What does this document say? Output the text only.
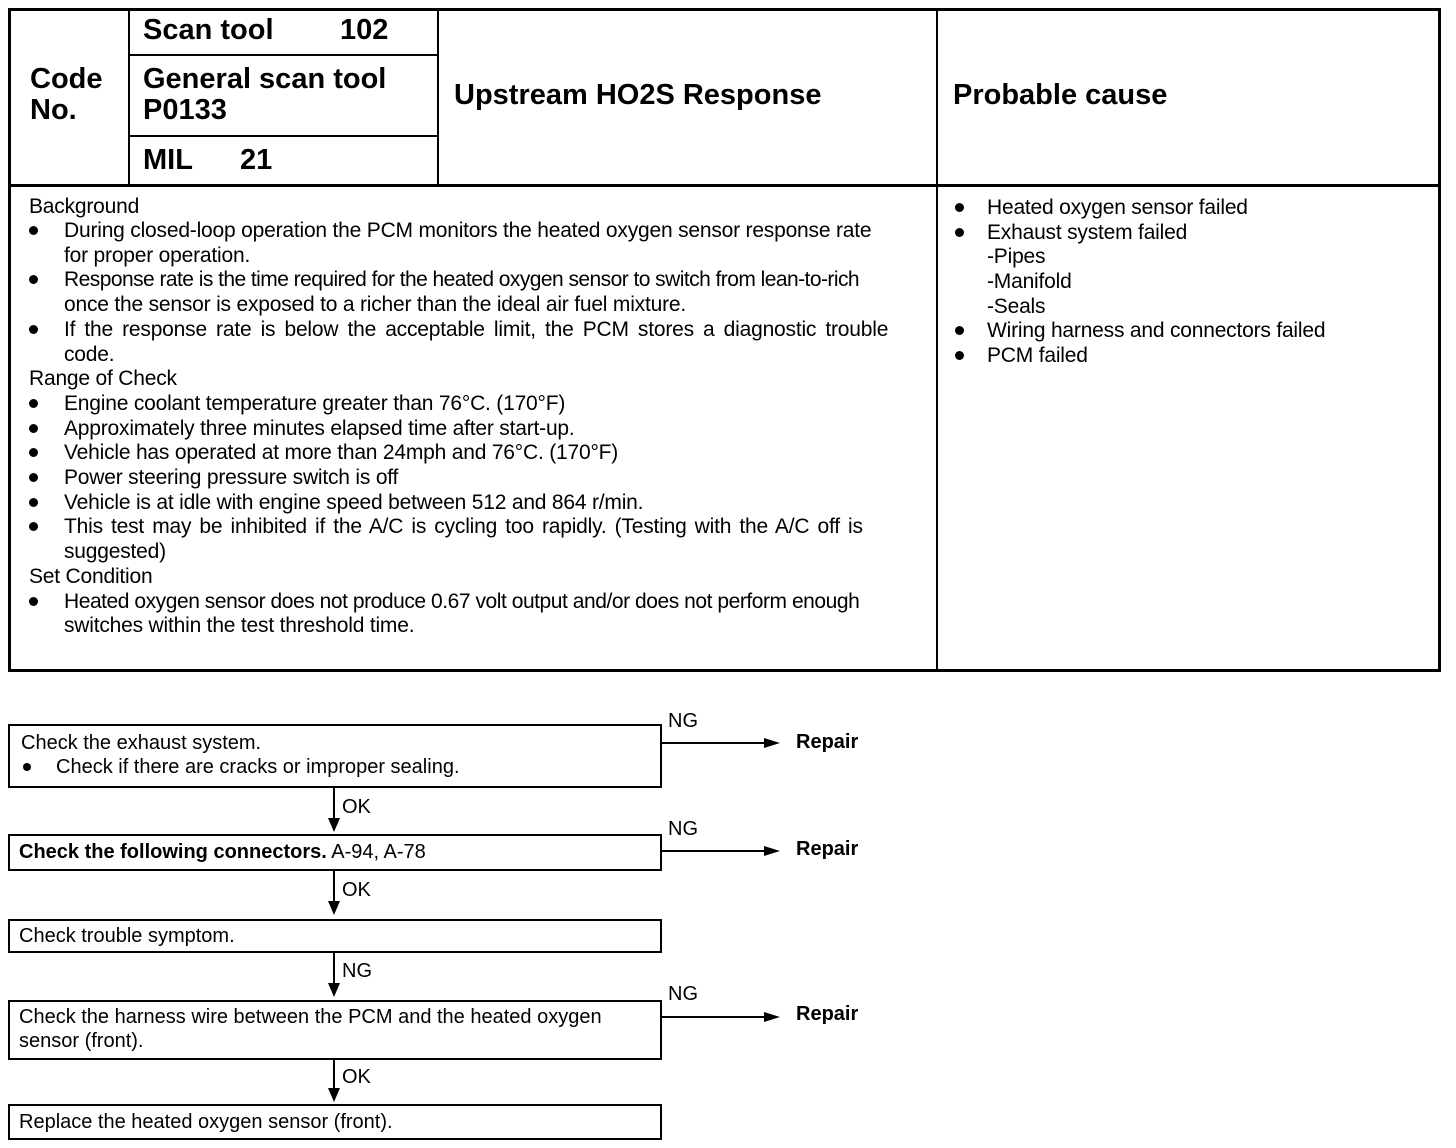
Code
No.
Scan tool 102
General scan tool
P0133
MIL 21
Upstream HO2S Response	Probable cause
Background
During closed-loop operation the PCM monitors the heated oxygen sensor response rate
for proper operation.
Response rate is the time required for the heated oxygen sensor to switch from lean-to-rich
once the sensor is exposed to a richer than the ideal air fuel mixture.
If the response rate is below the acceptable limit, the PCM stores a diagnostic trouble
code.
Range of Check
Engine coolant temperature greater than 76°C. (170°F)
Approximately three minutes elapsed time after start-up.
Vehicle has operated at more than 24mph and 76°C. (170°F)
Power steering pressure switch is off
Vehicle is at idle with engine speed between 512 and 864 r/min.
This test may be inhibited if the A/C is cycling too rapidly. (Testing with the A/C off is
suggested)
Set Condition
Heated oxygen sensor does not produce 0.67 volt output and/or does not perform enough
switches within the test threshold time.
Heated oxygen sensor failed
Exhaust system failed
-Pipes
-Manifold
-Seals
Wiring harness and connectors failed
PCM failed
Check the exhaust system.
Check if there are cracks or improper sealing.
NG
Repair
OK
Check the following connectors. A-94, A-78
NG
Repair
OK
Check trouble symptom.
NG
Check the harness wire between the PCM and the heated oxygen
sensor (front).
NG
Repair
OK
Replace the heated oxygen sensor (front).
